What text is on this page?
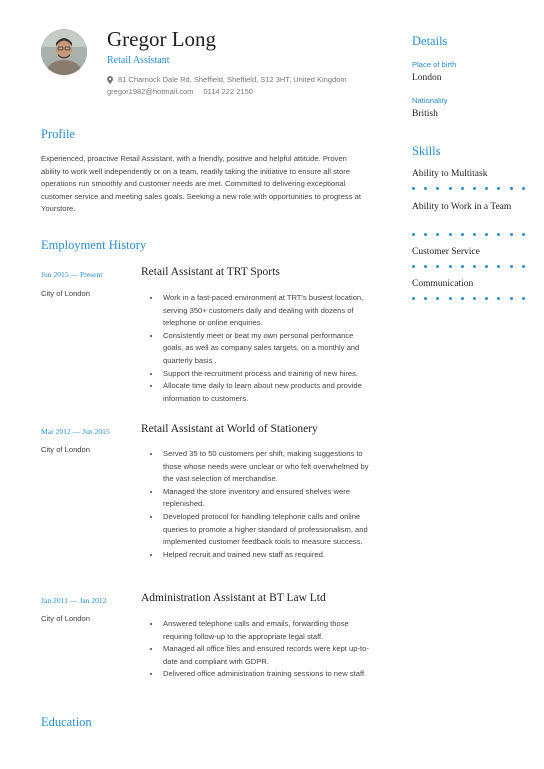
Gregor Long
Retail Assistant
81 Charnock Dale Rd, Sheffield, Sheffield, S12 3HT, United Kingdom
gregor1982@hotmail.com 0114 222 2150
Profile
Experienced, proactive Retail Assistant, with a friendly, positive and helpful attitude. Proven ability to work well independently or on a team, readily taking the initiative to ensure all store operations run smoothly and customer needs are met. Committed to delivering exceptional customer service and meeting sales goals. Seeking a new role with opportunities to progress at Yourstore.
Employment History
Jun 2015 — Present
City of London
Retail Assistant at TRT Sports
• Work in a fast-paced environment at TRT's busiest location, serving 350+ customers daily and dealing with dozens of telephone or online enquiries.
• Consistently meet or beat my own personal performance goals, as well as company sales targets, on a monthly and quarterly basis .
• Support the recruitment process and training of new hires.
• Allocate time daily to learn about new products and provide information to customers.
Mar 2012 — Jun 2015
City of London
Retail Assistant at World of Stationery
• Served 35 to 50 customers per shift, making suggestions to those whose needs were unclear or who felt overwhelmed by the vast selection of merchandise.
• Managed the store inventory and ensured shelves were replenished.
• Developed protocol for handling telephone calls and online queries to promote a higher standard of professionalism, and implemented customer feedback tools to measure success.
• Helped recruit and trained new staff as required.
Jan 2011 — Jan 2012
City of London
Administration Assistant at BT Law Ltd
• Answered telephone calls and emails, forwarding those requiring follow-up to the appropriate legal staff.
• Managed all office files and ensured records were kept up-to-date and compliant with GDPR.
• Delivered office administration training sessions to new staff.
Education
Details
Place of birth
London
Nationality
British
Skills
Ability to Multitask
Ability to Work in a Team
Customer Service
Communication
